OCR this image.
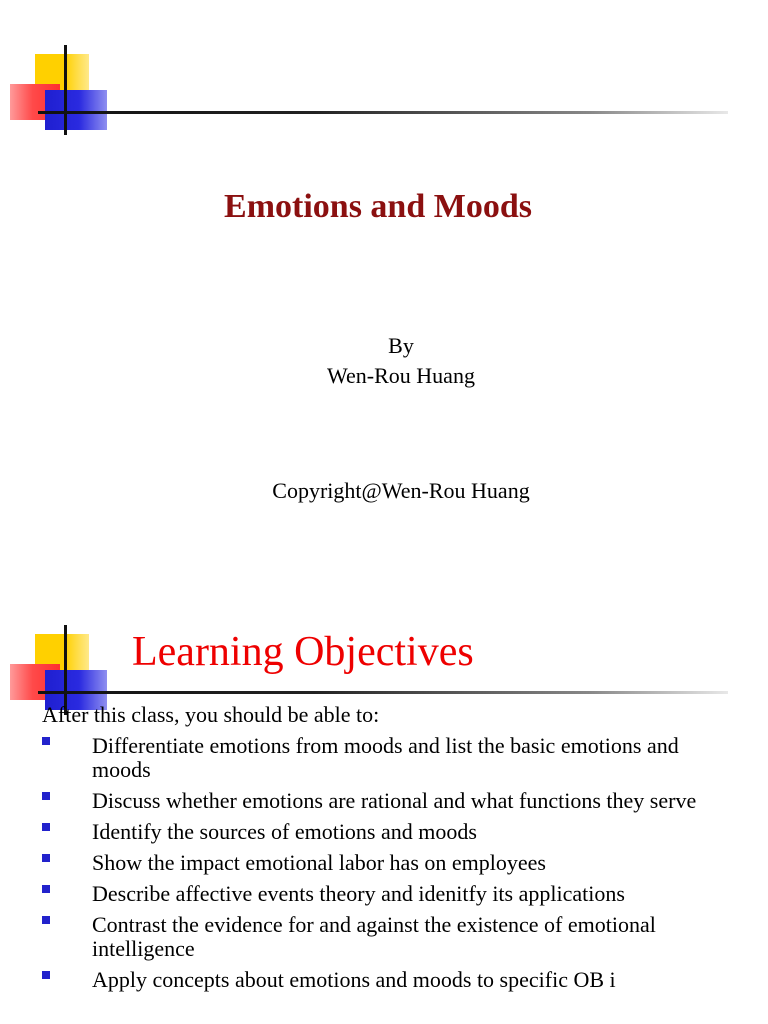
Emotions and Moods
By
Wen-Rou Huang
Copyright@Wen-Rou Huang
Learning Objectives
After this class, you should be able to:
Differentiate emotions from moods and list the basic emotions and moods
Discuss whether emotions are rational and what functions they serve
Identify the sources of emotions and moods
Show the impact emotional labor has on employees
Describe affective events theory and idenitfy its applications
Contrast the evidence for and against the existence of emotional intelligence
Apply concepts about emotions and moods to specific OB i
